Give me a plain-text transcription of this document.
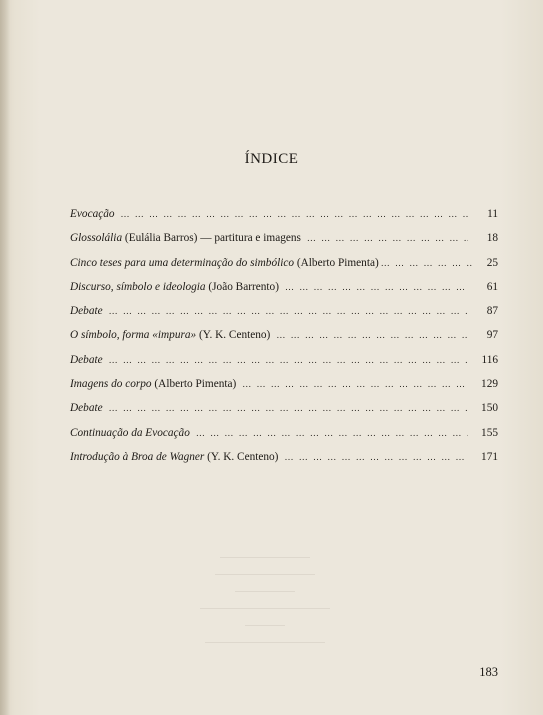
ÍNDICE
Evocação … … … … … … … … … … … … … … … … … … … … … … … … … … … … … … … … … … … … …	11
Glossolália (Eulália Barros) — partitura e imagens … … … … … … … … … … … … … … … … … … … … … … … … … … … … … … … … … … … … …	18
Cinco teses para uma determinação do simbólico (Alberto Pimenta) … … … … … … … … … … … … … … … … … … … … … … … … … … … … … … … … … … … … …	25
Discurso, símbolo e ideologia (João Barrento) … … … … … … … … … … … … … … … … … … … … … … … … … … … … … … … … … … … … …	61
Debate … … … … … … … … … … … … … … … … … … … … … … … … … … … … … … … … … … … … …	87
O símbolo, forma «impura» (Y. K. Centeno) … … … … … … … … … … … … … … … … … … … … … … … … … … … … … … … … … … … … …	97
Debate … … … … … … … … … … … … … … … … … … … … … … … … … … … … … … … … … … … … …	116
Imagens do corpo (Alberto Pimenta) … … … … … … … … … … … … … … … … … … … … … … … … … … … … … … … … … … … … …	129
Debate … … … … … … … … … … … … … … … … … … … … … … … … … … … … … … … … … … … … …	150
Continuação da Evocação … … … … … … … … … … … … … … … … … … … … … … … … … … … … … … … … … … … … …	155
Introdução à Broa de Wagner (Y. K. Centeno) … … … … … … … … … … … … … … … … … … … … … … … … … … … … … … … … … … … … …	171
183
